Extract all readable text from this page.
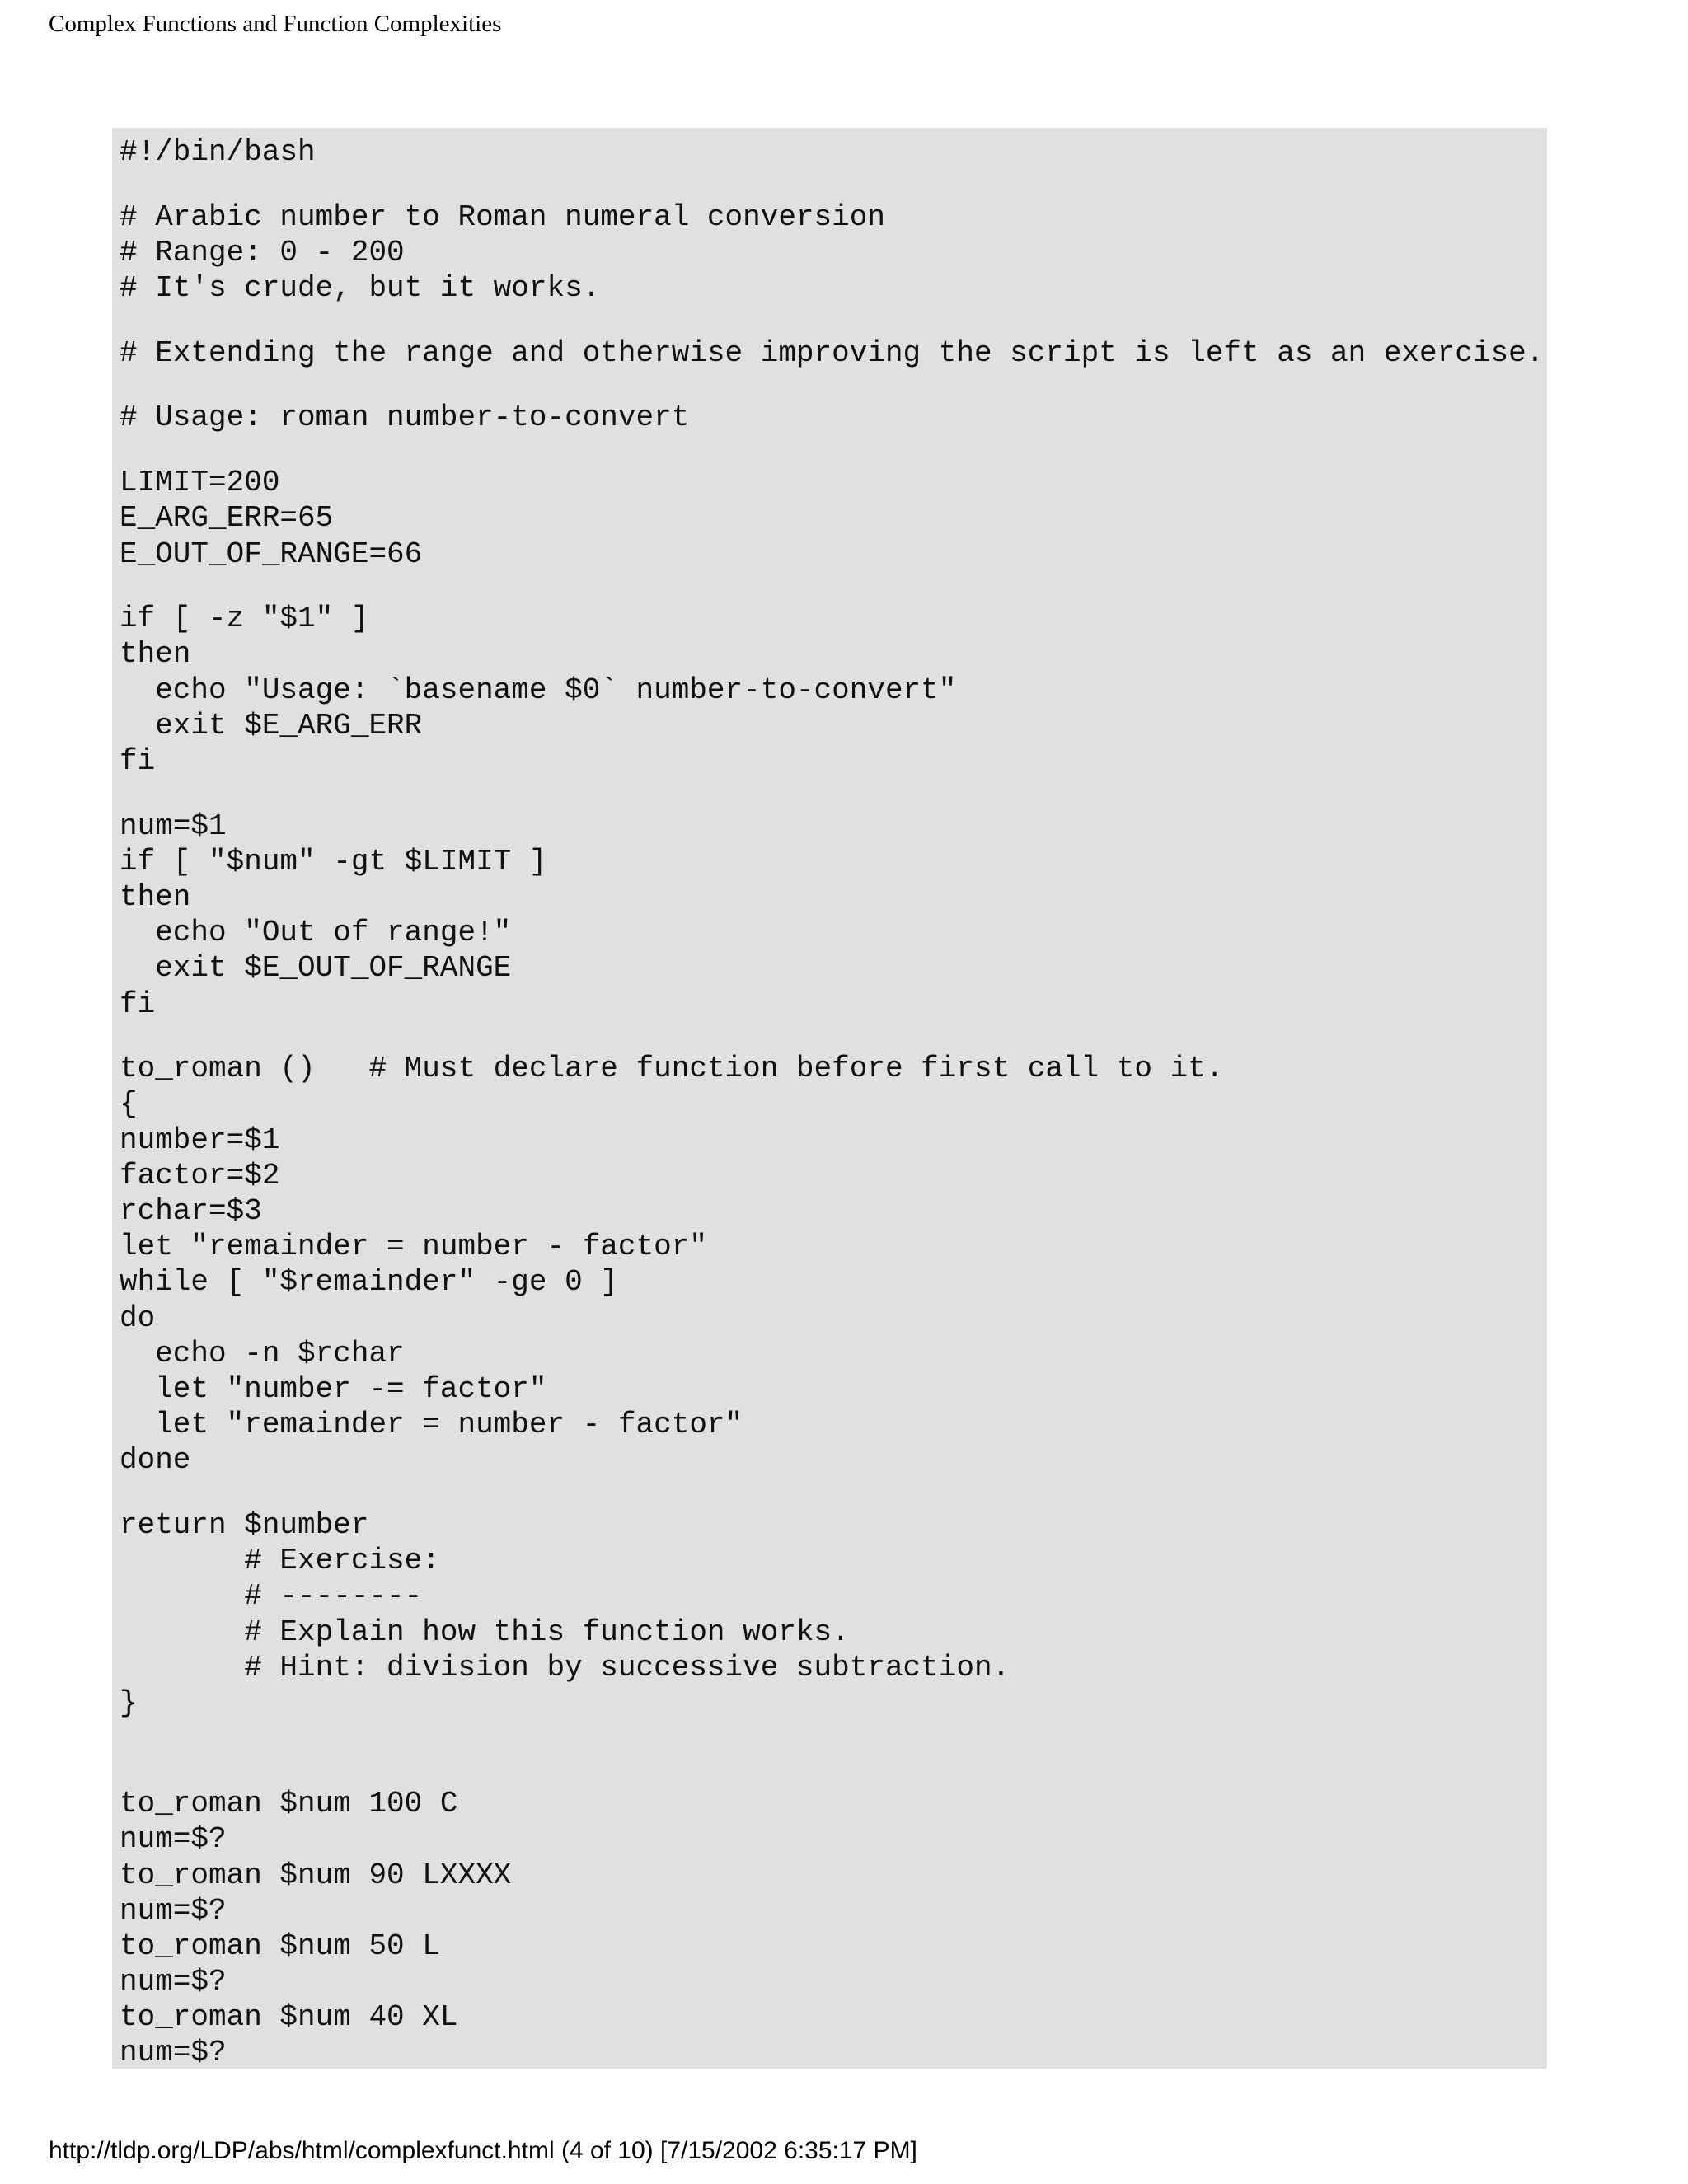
Complex Functions and Function Complexities
#!/bin/bash
# Arabic number to Roman numeral conversion
# Range: 0 - 200
# It's crude, but it works.
# Extending the range and otherwise improving the script is left as an exercise.
# Usage: roman number-to-convert
LIMIT=200
E_ARG_ERR=65
E_OUT_OF_RANGE=66
if [ -z "$1" ]
then
echo "Usage: `basename $0` number-to-convert"
exit $E_ARG_ERR
fi
num=$1
if [ "$num" -gt $LIMIT ]
then
echo "Out of range!"
exit $E_OUT_OF_RANGE
fi
to_roman ()   # Must declare function before first call to it.
{
number=$1
factor=$2
rchar=$3
let "remainder = number - factor"
while [ "$remainder" -ge 0 ]
do
echo -n $rchar
let "number -= factor"
let "remainder = number - factor"
done
return $number
# Exercise:
# --------
# Explain how this function works.
# Hint: division by successive subtraction.
}
to_roman $num 100 C
num=$?
to_roman $num 90 LXXXX
num=$?
to_roman $num 50 L
num=$?
to_roman $num 40 XL
num=$?
http://tldp.org/LDP/abs/html/complexfunct.html (4 of 10) [7/15/2002 6:35:17 PM]
